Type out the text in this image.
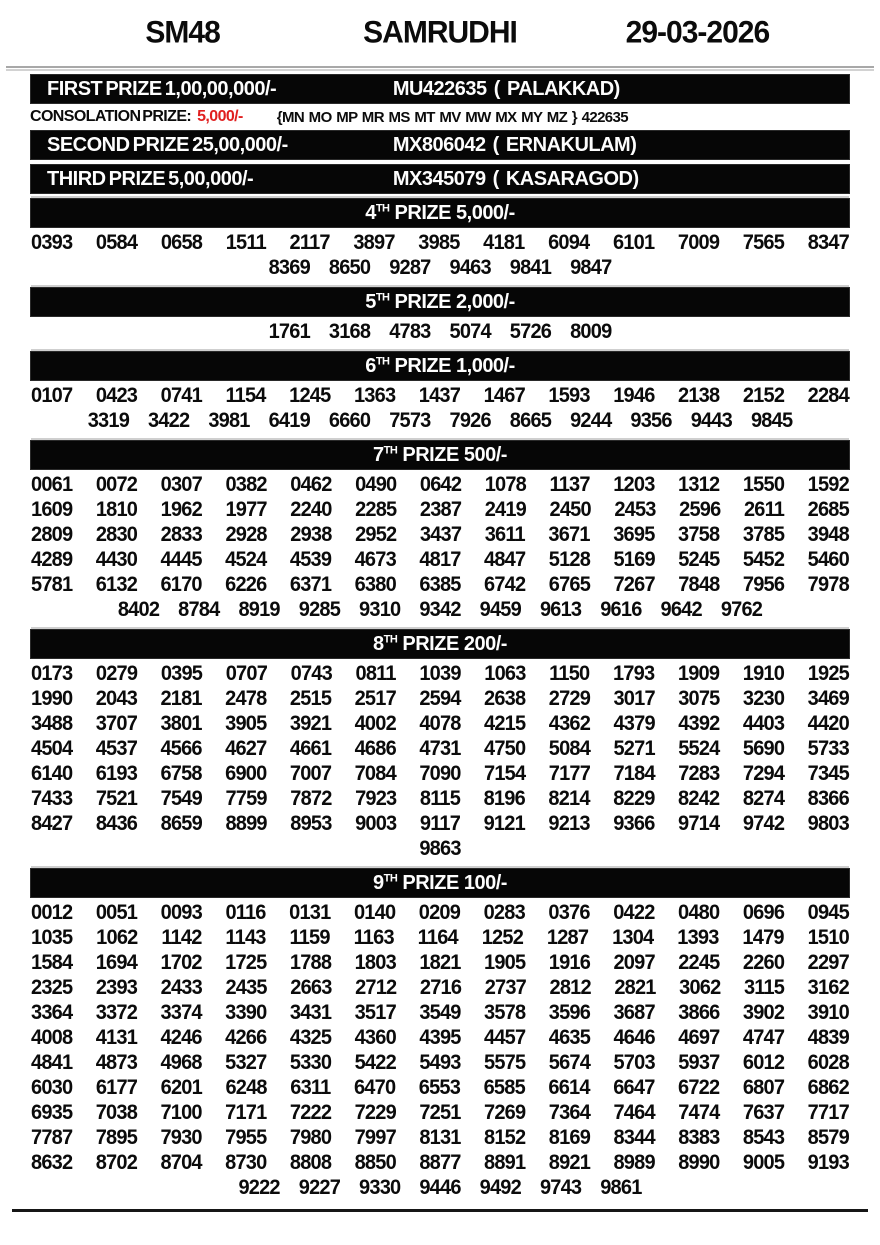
SM48	SAMRUDHI	29-03-2026
FIRST PRIZE 1,00,00,000/-	MU422635 ( PALAKKAD)
CONSOLATION PRIZE: 5,000/- {MN MO MP MR MS MT MV MW MX MY MZ } 422635
SECOND PRIZE 25,00,000/-	MX806042 ( ERNAKULAM)
THIRD PRIZE 5,00,000/-	MX345079 ( KASARAGOD)
4TH PRIZE 5,000/-
0393 0584 0658 1511 2117 3897 3985 4181 6094 6101 7009 7565 8347
8369 8650 9287 9463 9841 9847
5TH PRIZE 2,000/-
1761 3168 4783 5074 5726 8009
6TH PRIZE 1,000/-
0107 0423 0741 1154 1245 1363 1437 1467 1593 1946 2138 2152 2284
3319 3422 3981 6419 6660 7573 7926 8665 9244 9356 9443 9845
7TH PRIZE 500/-
0061 0072 0307 0382 0462 0490 0642 1078 1137 1203 1312 1550 1592
1609 1810 1962 1977 2240 2285 2387 2419 2450 2453 2596 2611 2685
2809 2830 2833 2928 2938 2952 3437 3611 3671 3695 3758 3785 3948
4289 4430 4445 4524 4539 4673 4817 4847 5128 5169 5245 5452 5460
5781 6132 6170 6226 6371 6380 6385 6742 6765 7267 7848 7956 7978
8402 8784 8919 9285 9310 9342 9459 9613 9616 9642 9762
8TH PRIZE 200/-
0173 0279 0395 0707 0743 0811 1039 1063 1150 1793 1909 1910 1925
1990 2043 2181 2478 2515 2517 2594 2638 2729 3017 3075 3230 3469
3488 3707 3801 3905 3921 4002 4078 4215 4362 4379 4392 4403 4420
4504 4537 4566 4627 4661 4686 4731 4750 5084 5271 5524 5690 5733
6140 6193 6758 6900 7007 7084 7090 7154 7177 7184 7283 7294 7345
7433 7521 7549 7759 7872 7923 8115 8196 8214 8229 8242 8274 8366
8427 8436 8659 8899 8953 9003 9117 9121 9213 9366 9714 9742 9803
9863
9TH PRIZE 100/-
0012 0051 0093 0116 0131 0140 0209 0283 0376 0422 0480 0696 0945
1035 1062 1142 1143 1159 1163 1164 1252 1287 1304 1393 1479 1510
1584 1694 1702 1725 1788 1803 1821 1905 1916 2097 2245 2260 2297
2325 2393 2433 2435 2663 2712 2716 2737 2812 2821 3062 3115 3162
3364 3372 3374 3390 3431 3517 3549 3578 3596 3687 3866 3902 3910
4008 4131 4246 4266 4325 4360 4395 4457 4635 4646 4697 4747 4839
4841 4873 4968 5327 5330 5422 5493 5575 5674 5703 5937 6012 6028
6030 6177 6201 6248 6311 6470 6553 6585 6614 6647 6722 6807 6862
6935 7038 7100 7171 7222 7229 7251 7269 7364 7464 7474 7637 7717
7787 7895 7930 7955 7980 7997 8131 8152 8169 8344 8383 8543 8579
8632 8702 8704 8730 8808 8850 8877 8891 8921 8989 8990 9005 9193
9222 9227 9330 9446 9492 9743 9861
